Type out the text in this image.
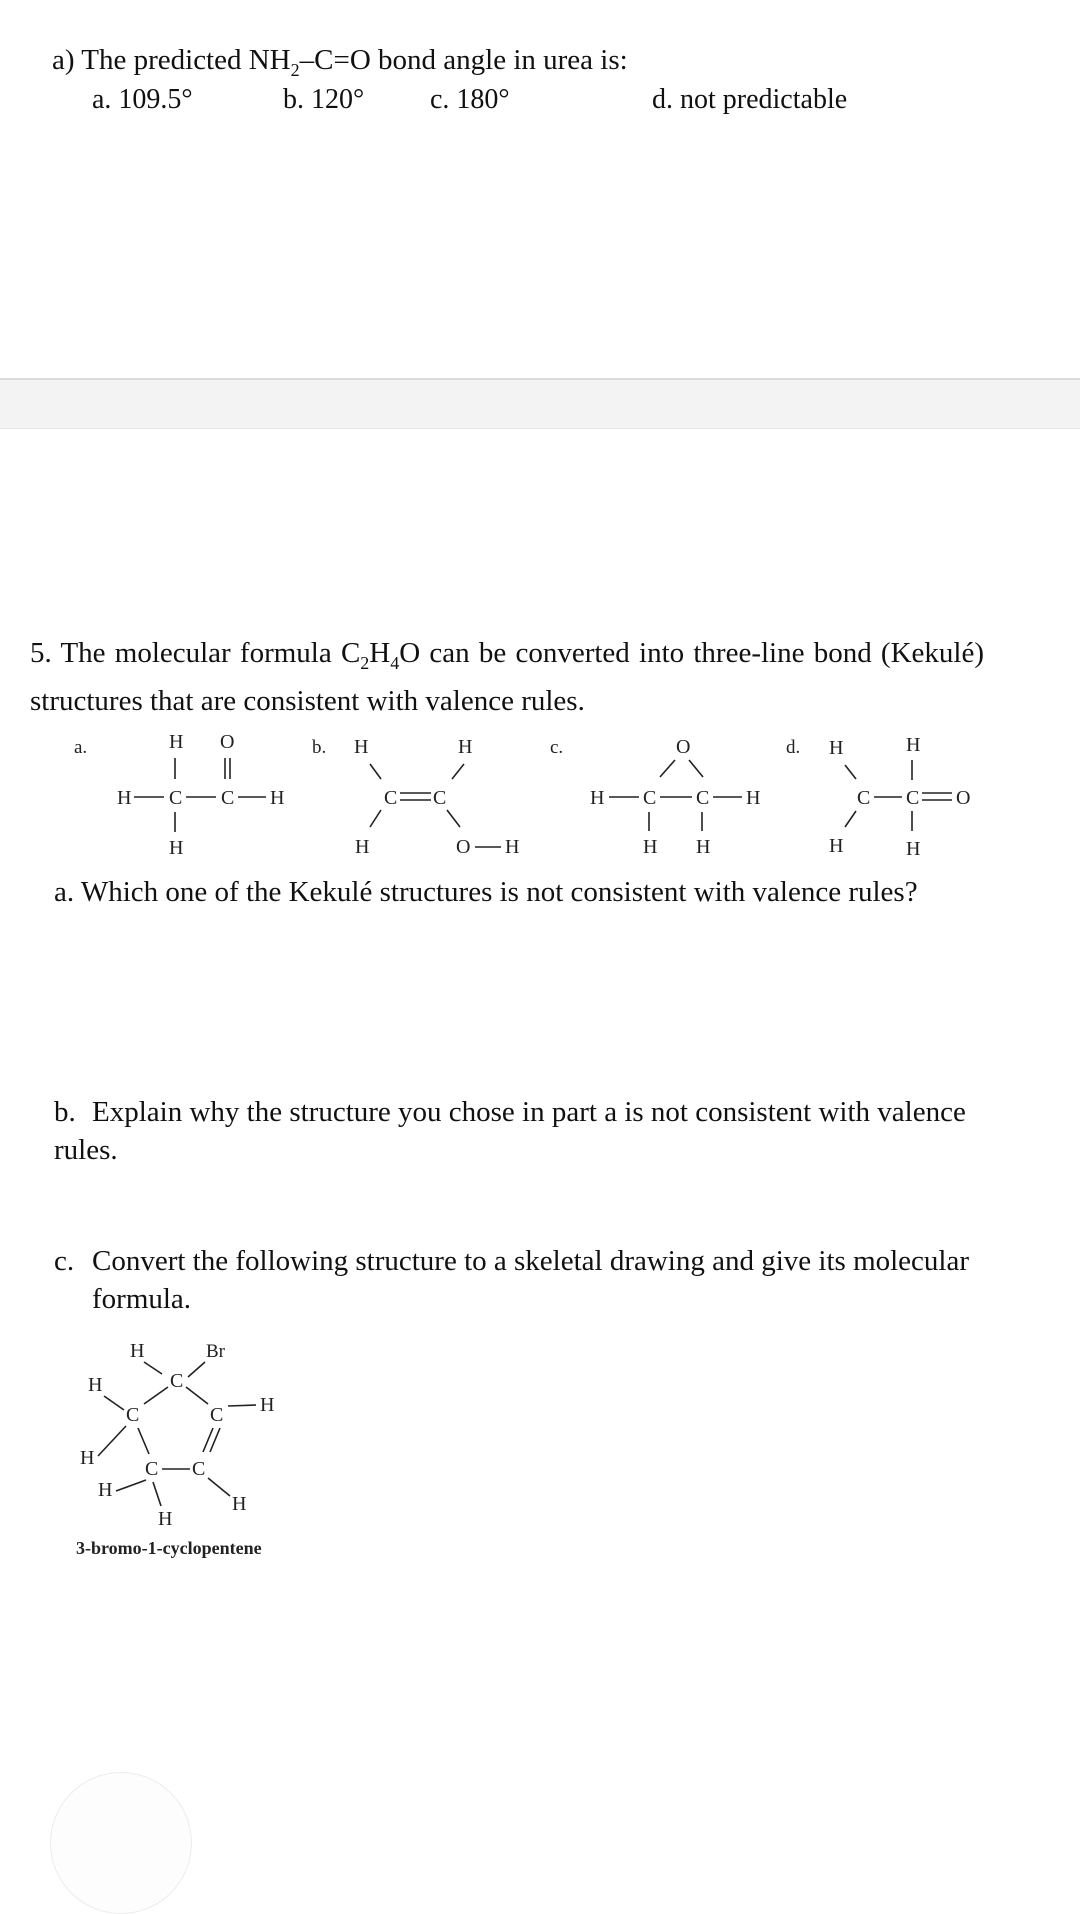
a) The predicted $NH_2-C=O$ bond angle in urea is:
a. 109.5°	b. 120° c. 180°	d. not predictable
5. The molecular formula $C_2H_4O$ can be converted into three-line bond (Kekulé) structures that are consistent with valence rules.
a.	H O
H C C H
H
b. H	H
C C
H	O H
c.	O
H C C H
H H
d. H	H
C C O
H	H
a. Which one of the Kekulé structures is not consistent with valence rules?
b. Explain why the structure you chose in part a is not consistent with valence rules.
c. Convert the following structure to a skeletal drawing and give its molecular formula.
H	Br
C
H
C	C H
H	C C
H
H
H
3-bromo-1-cyclopentene
